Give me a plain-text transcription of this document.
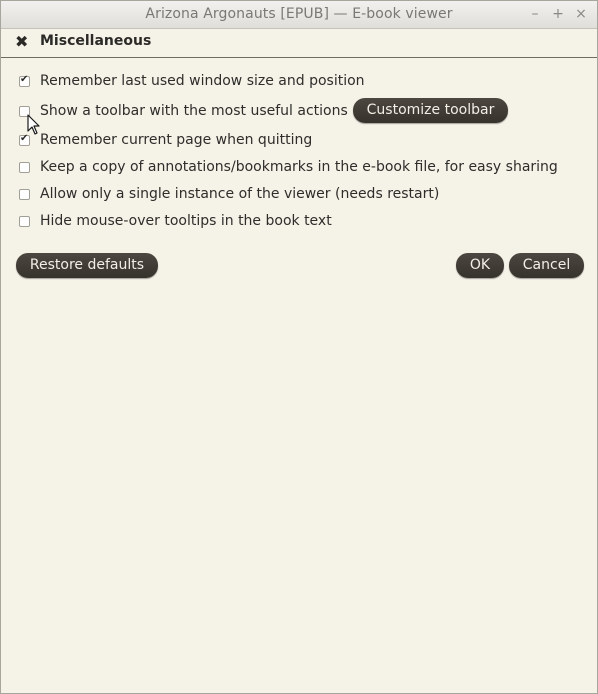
Arizona Argonauts [EPUB] — E-book viewer	– + ×
✖ Miscellaneous
✔
Remember last used window size and position
Show a toolbar with the most useful actions	Customize toolbar
✔
Remember current page when quitting
Keep a copy of annotations/bookmarks in the e-book file, for easy sharing
Allow only a single instance of the viewer (needs restart)
Hide mouse-over tooltips in the book text
Restore defaults	OK	Cancel
